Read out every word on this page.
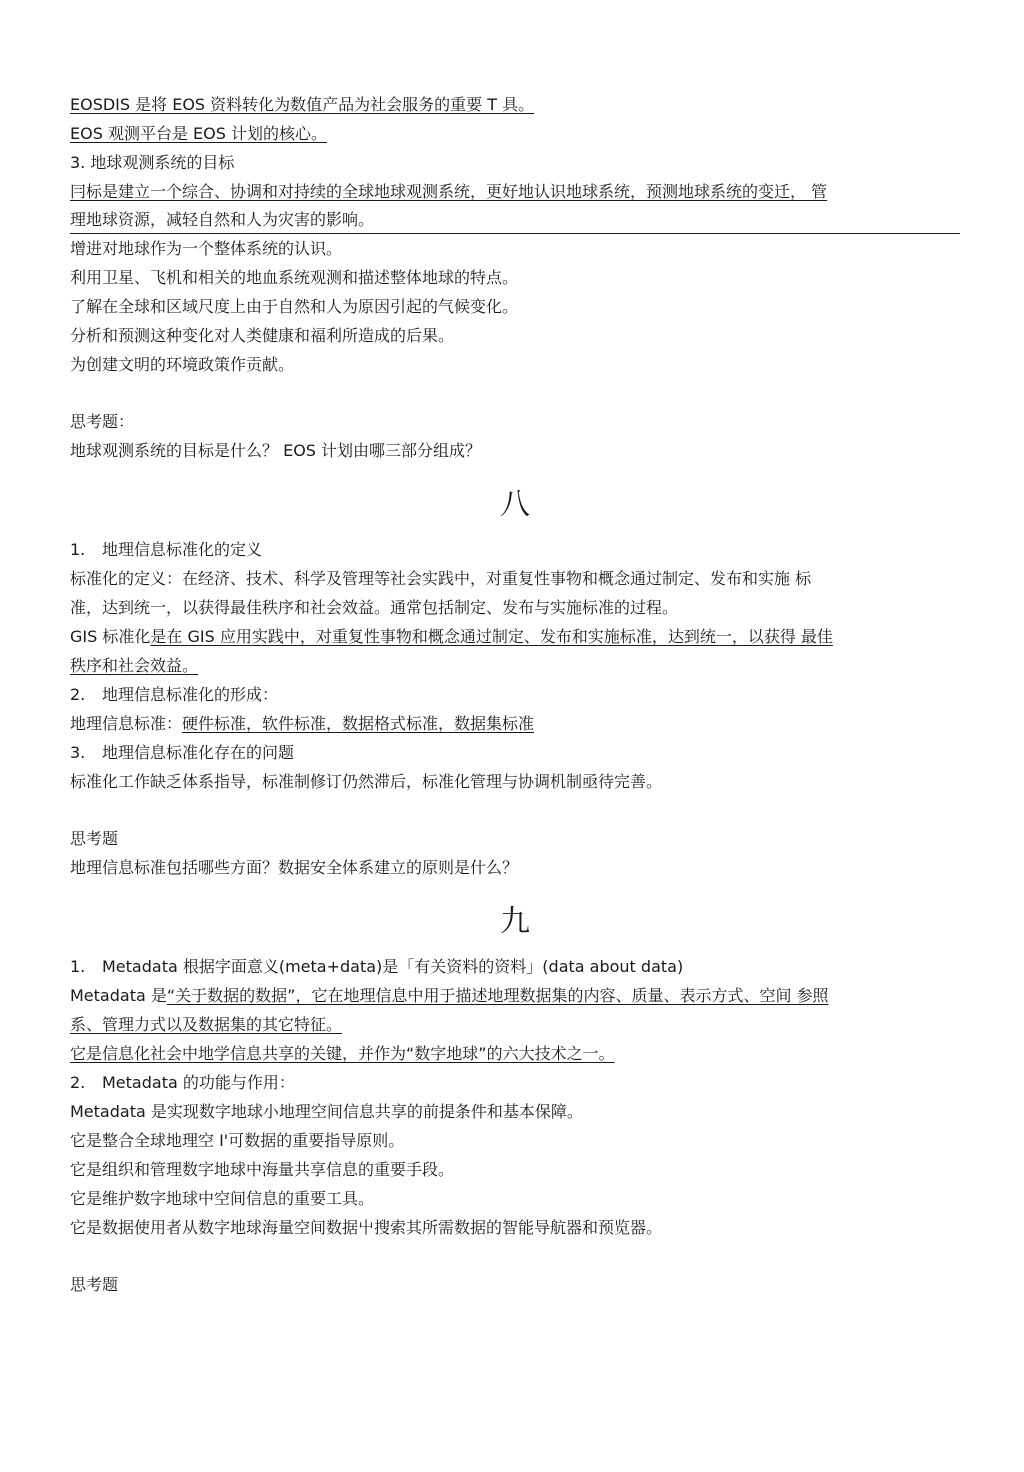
EOSDIS 是将 EOS 资料转化为数值产品为社会服务的重要 T 具。
EOS 观测平台是 EOS 计划的核心。
3. 地球观测系统的目标
冃标是建立一个综合、协调和对持续的全球地球观测系统，更好地认识地球系统，预测地球系统的变迁， 管
理地球资源，减轻自然和人为灾害的影响。
增进对地球作为一个整体系统的认识。
利用卫星、飞机和相关的地血系统观测和描述整体地球的特点。
了解在全球和区域尺度上由于自然和人为原因引起的气候变化。
分析和预测这种变化对人类健康和福利所造成的后果。
为创建文明的环境政策作贡献。
思考题：
地球观测系统的目标是什么？ EOS 计划由哪三部分组成？
八
1. 地理信息标准化的定义
标准化的定义：在经济、技术、科学及管理等社会实践中，对重复性事物和概念通过制定、发布和实施 标
准，达到统一，以获得最佳秩序和社会效益。通常包括制定、发布与实施标准的过程。
GIS 标准化是在 GIS 应用实践中，对重复性事物和概念通过制定、发布和实施标准，达到统一，以获得 最佳
秩序和社会效益。
2. 地理信息标准化的形成：
地理信息标准：硬件标准，软件标准，数据格式标准，数据集标准
3. 地理信息标准化存在的问题
标准化工作缺乏体系指导，标准制修订仍然滞后，标准化管理与协调机制亟待完善。
思考题
地理信息标准包括哪些方面？数据安全体系建立的原则是什么？
九
1. Metadata 根据字面意义(meta+data)是「有关资料的资料」(data about data)
Metadata 是“关于数据的数据”，它在地理信息中用于描述地理数据集的内容、质量、表示方式、空间 参照
系、管理力式以及数据集的其它特征。
它是信息化社会中地学信息共享的关键，并作为“数字地球”的六大技术之一。
2. Metadata 的功能与作用：
Metadata 是实现数字地球小地理空间信息共享的前提条件和基本保障。
它是整合全球地理空 I'可数据的重要指导原则。
它是组织和管理数字地球中海量共享信息的重要手段。
它是维护数字地球中空间信息的重要工具。
它是数据使用者从数字地球海量空间数据屮搜索其所需数据的智能导航器和预览器。
思考题
